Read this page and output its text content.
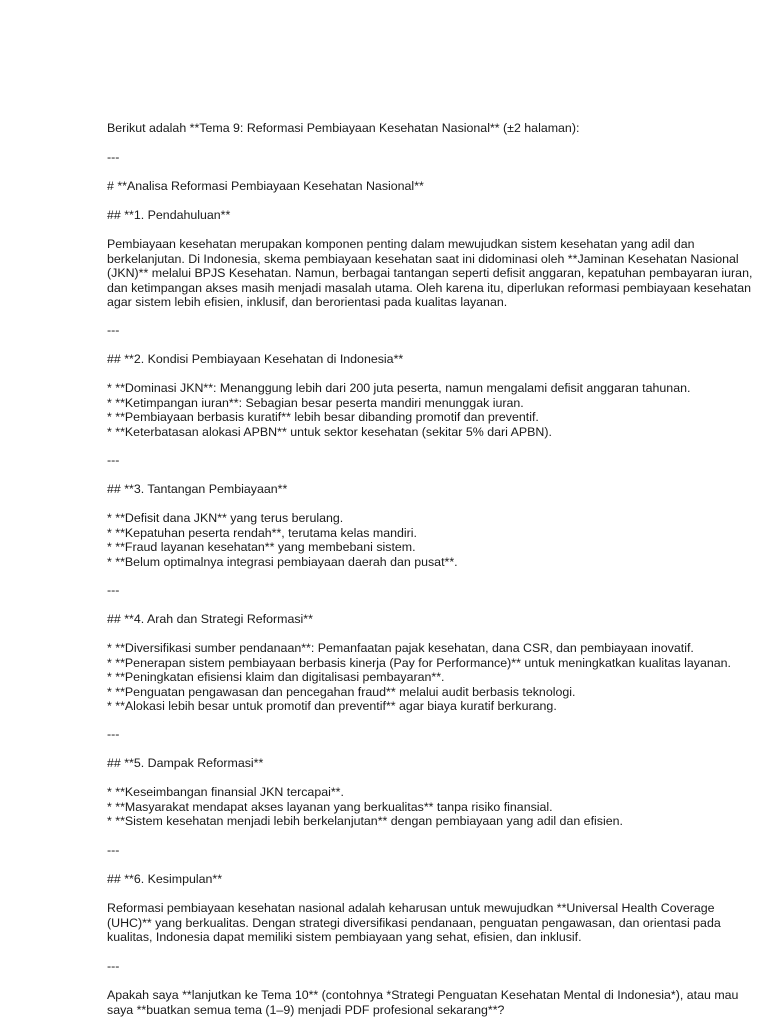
Berikut adalah **Tema 9: Reformasi Pembiayaan Kesehatan Nasional** (±2 halaman):

---

# **Analisa Reformasi Pembiayaan Kesehatan Nasional**

## **1. Pendahuluan**

Pembiayaan kesehatan merupakan komponen penting dalam mewujudkan sistem kesehatan yang adil dan
berkelanjutan. Di Indonesia, skema pembiayaan kesehatan saat ini didominasi oleh **Jaminan Kesehatan Nasional
(JKN)** melalui BPJS Kesehatan. Namun, berbagai tantangan seperti defisit anggaran, kepatuhan pembayaran iuran,
dan ketimpangan akses masih menjadi masalah utama. Oleh karena itu, diperlukan reformasi pembiayaan kesehatan
agar sistem lebih efisien, inklusif, dan berorientasi pada kualitas layanan.

---

## **2. Kondisi Pembiayaan Kesehatan di Indonesia**

* **Dominasi JKN**: Menanggung lebih dari 200 juta peserta, namun mengalami defisit anggaran tahunan.
* **Ketimpangan iuran**: Sebagian besar peserta mandiri menunggak iuran.
* **Pembiayaan berbasis kuratif** lebih besar dibanding promotif dan preventif.
* **Keterbatasan alokasi APBN** untuk sektor kesehatan (sekitar 5% dari APBN).

---

## **3. Tantangan Pembiayaan**

* **Defisit dana JKN** yang terus berulang.
* **Kepatuhan peserta rendah**, terutama kelas mandiri.
* **Fraud layanan kesehatan** yang membebani sistem.
* **Belum optimalnya integrasi pembiayaan daerah dan pusat**.

---

## **4. Arah dan Strategi Reformasi**

* **Diversifikasi sumber pendanaan**: Pemanfaatan pajak kesehatan, dana CSR, dan pembiayaan inovatif.
* **Penerapan sistem pembiayaan berbasis kinerja (Pay for Performance)** untuk meningkatkan kualitas layanan.
* **Peningkatan efisiensi klaim dan digitalisasi pembayaran**.
* **Penguatan pengawasan dan pencegahan fraud** melalui audit berbasis teknologi.
* **Alokasi lebih besar untuk promotif dan preventif** agar biaya kuratif berkurang.

---

## **5. Dampak Reformasi**

* **Keseimbangan finansial JKN tercapai**.
* **Masyarakat mendapat akses layanan yang berkualitas** tanpa risiko finansial.
* **Sistem kesehatan menjadi lebih berkelanjutan** dengan pembiayaan yang adil dan efisien.

---

## **6. Kesimpulan**

Reformasi pembiayaan kesehatan nasional adalah keharusan untuk mewujudkan **Universal Health Coverage
(UHC)** yang berkualitas. Dengan strategi diversifikasi pendanaan, penguatan pengawasan, dan orientasi pada
kualitas, Indonesia dapat memiliki sistem pembiayaan yang sehat, efisien, dan inklusif.

---

Apakah saya **lanjutkan ke Tema 10** (contohnya *Strategi Penguatan Kesehatan Mental di Indonesia*), atau mau
saya **buatkan semua tema (1–9) menjadi PDF profesional sekarang**?
